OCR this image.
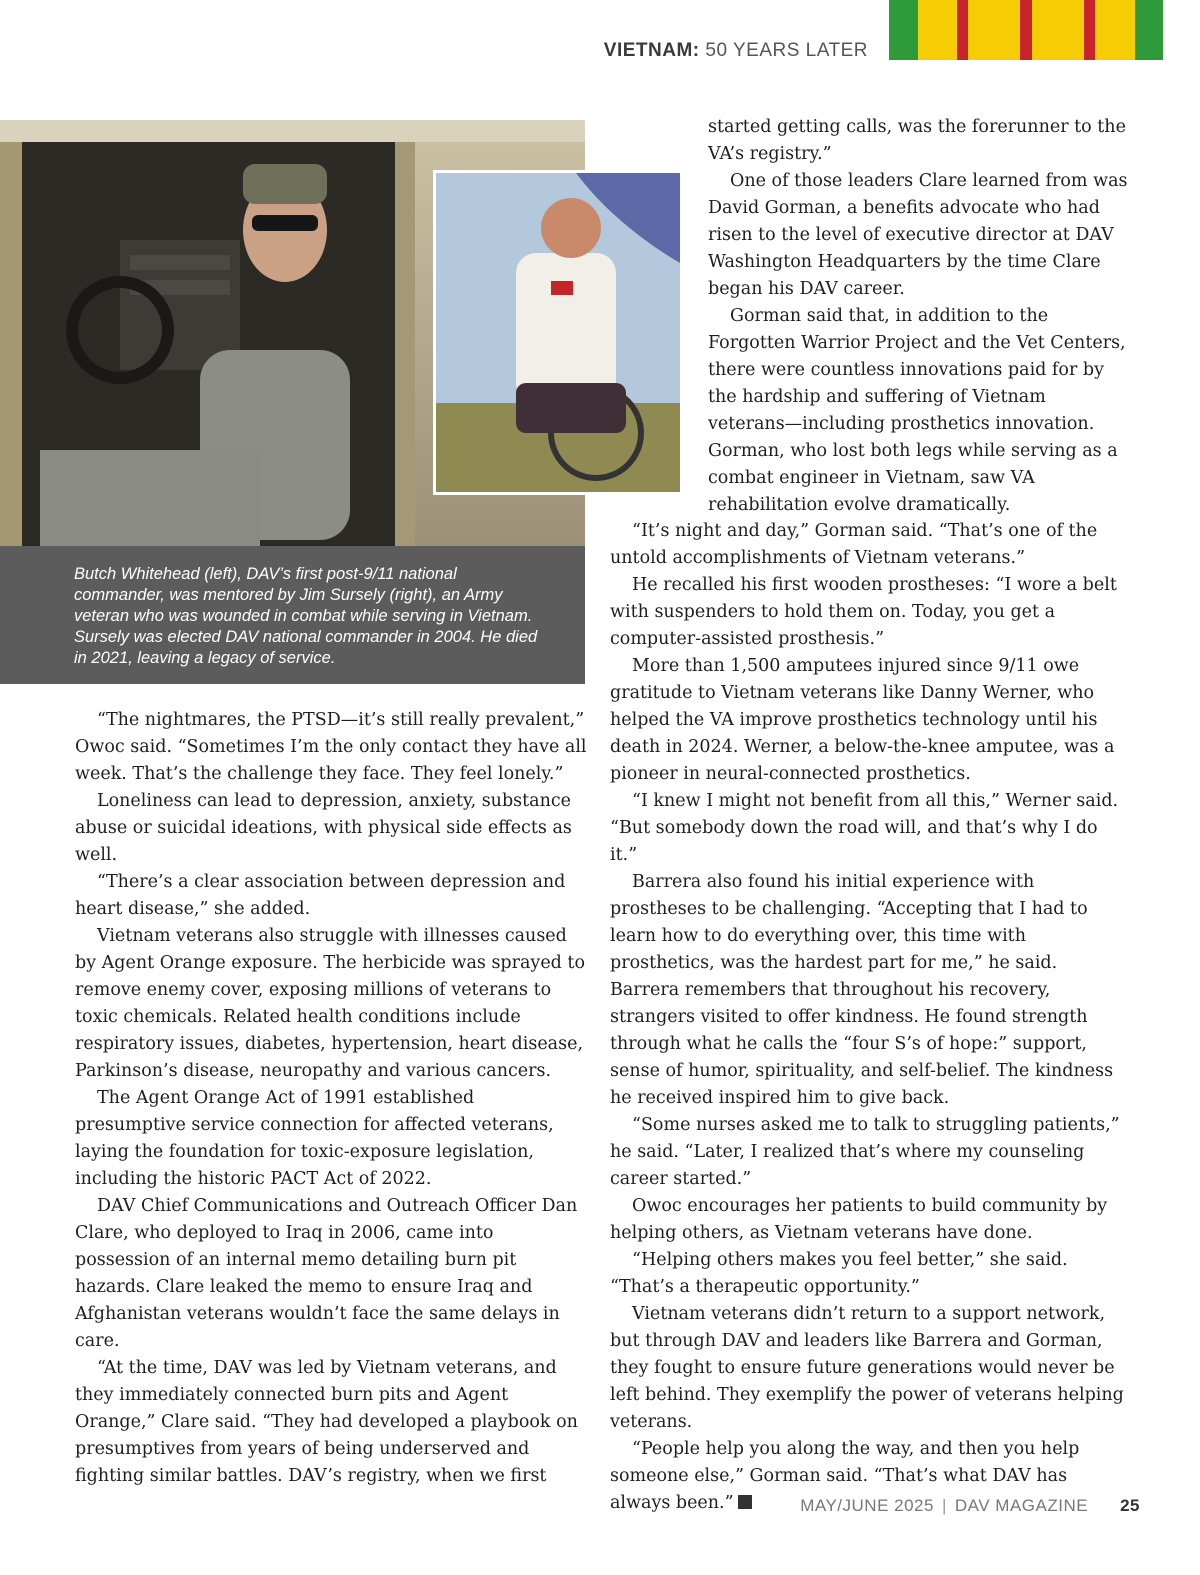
VIETNAM: 50 YEARS LATER
Butch Whitehead (left), DAV’s first post-9/11 national commander, was mentored by Jim Sursely (right), an Army veteran who was wounded in combat while serving in Vietnam. Sursely was elected DAV national commander in 2004. He died in 2021, leaving a legacy of service.

started getting calls, was the forerunner to the VA’s registry.”

One of those leaders Clare learned from was David Gorman, a benefits advocate who had risen to the level of executive director at DAV Washington Headquarters by the time Clare began his DAV career.

Gorman said that, in addition to the Forgotten Warrior Project and the Vet Centers, there were countless innovations paid for by the hardship and suffering of Vietnam veterans—including prosthetics innovation. Gorman, who lost both legs while serving as a combat engineer in Vietnam, saw VA rehabilitation evolve dramatically.

“The nightmares, the PTSD—it’s still really prevalent,” Owoc said. “Sometimes I’m the only contact they have all week. That’s the challenge they face. They feel lonely.”

Loneliness can lead to depression, anxiety, substance abuse or suicidal ideations, with physical side effects as well.

“There’s a clear association between depression and heart disease,” she added.

Vietnam veterans also struggle with illnesses caused by Agent Orange exposure. The herbicide was sprayed to remove enemy cover, exposing millions of veterans to toxic chemicals. Related health conditions include respiratory issues, diabetes, hypertension, heart disease, Parkinson’s disease, neuropathy and various cancers.

The Agent Orange Act of 1991 established presumptive service connection for affected veterans, laying the foundation for toxic-exposure legislation, including the historic PACT Act of 2022.

DAV Chief Communications and Outreach Officer Dan Clare, who deployed to Iraq in 2006, came into possession of an internal memo detailing burn pit hazards. Clare leaked the memo to ensure Iraq and Afghanistan veterans wouldn’t face the same delays in care.

“At the time, DAV was led by Vietnam veterans, and they immediately connected burn pits and Agent Orange,” Clare said. “They had developed a playbook on presumptives from years of being underserved and fighting similar battles. DAV’s registry, when we first

“It’s night and day,” Gorman said. “That’s one of the untold accomplishments of Vietnam veterans.”

He recalled his first wooden prostheses: “I wore a belt with suspenders to hold them on. Today, you get a computer-assisted prosthesis.”

More than 1,500 amputees injured since 9/11 owe gratitude to Vietnam veterans like Danny Werner, who helped the VA improve prosthetics technology until his death in 2024. Werner, a below-the-knee amputee, was a pioneer in neural-connected prosthetics.

“I knew I might not benefit from all this,” Werner said. “But somebody down the road will, and that’s why I do it.”

Barrera also found his initial experience with prostheses to be challenging. “Accepting that I had to learn how to do everything over, this time with prosthetics, was the hardest part for me,” he said. Barrera remembers that throughout his recovery, strangers visited to offer kindness. He found strength through what he calls the “four S’s of hope:” support, sense of humor, spirituality, and self-belief. The kindness he received inspired him to give back.

“Some nurses asked me to talk to struggling patients,” he said. “Later, I realized that’s where my counseling career started.”

Owoc encourages her patients to build community by helping others, as Vietnam veterans have done.

“Helping others makes you feel better,” she said. “That’s a therapeutic opportunity.”

Vietnam veterans didn’t return to a support network, but through DAV and leaders like Barrera and Gorman, they fought to ensure future generations would never be left behind. They exemplify the power of veterans helping veterans.

“People help you along the way, and then you help someone else,” Gorman said. “That’s what DAV has always been.”	MAY/JUNE 2025 | DAV MAGAZINE 25
